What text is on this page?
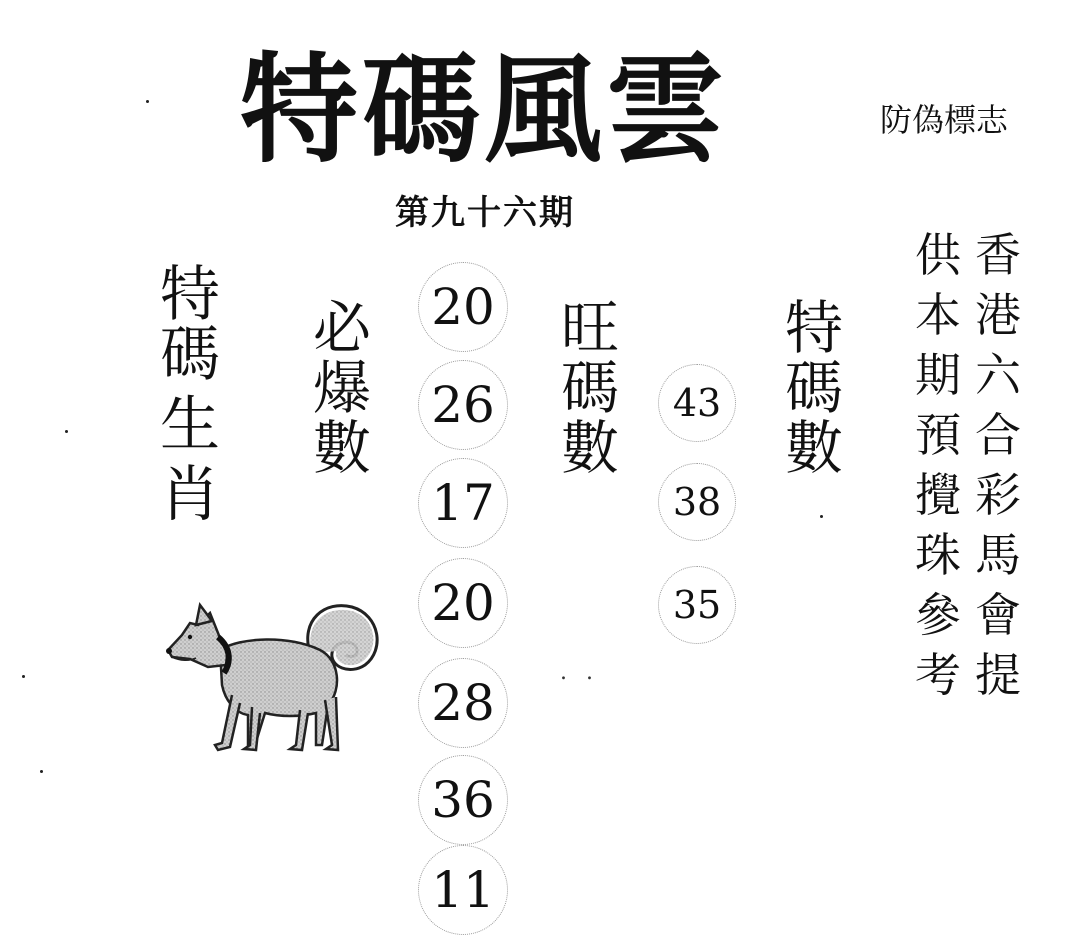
特碼風雲	防偽標志
第九十六期
特
碼
生
肖
必
爆
數
20
26
17
20
28
36
11
旺
碼
數
43
38
35
特
碼
數
供
本
期
預
攪
珠
參
考
香
港
六
合
彩
馬
會
提
. .
